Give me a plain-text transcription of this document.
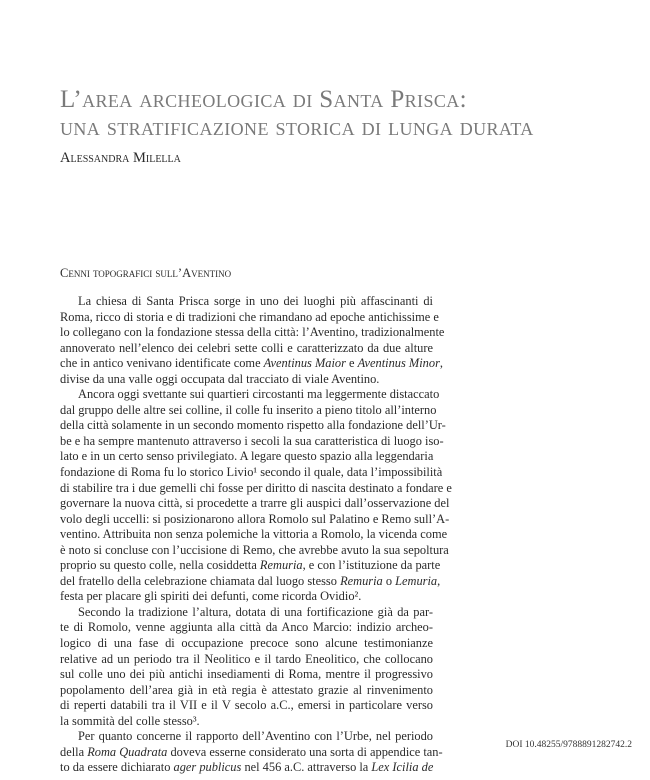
L’area archeologica di Santa Prisca:
una stratificazione storica di lunga durata
Alessandra Milella
Cenni topografici sull’Aventino
La chiesa di Santa Prisca sorge in uno dei luoghi più affascinanti di
Roma, ricco di storia e di tradizioni che rimandano ad epoche antichissime e
lo collegano con la fondazione stessa della città: l’Aventino, tradizionalmente
annoverato nell’elenco dei celebri sette colli e caratterizzato da due alture
che in antico venivano identificate come Aventinus Maior e Aventinus Minor,
divise da una valle oggi occupata dal tracciato di viale Aventino.
Ancora oggi svettante sui quartieri circostanti ma leggermente distaccato
dal gruppo delle altre sei colline, il colle fu inserito a pieno titolo all’interno
della città solamente in un secondo momento rispetto alla fondazione dell’Ur-
be e ha sempre mantenuto attraverso i secoli la sua caratteristica di luogo iso-
lato e in un certo senso privilegiato. A legare questo spazio alla leggendaria
fondazione di Roma fu lo storico Livio¹ secondo il quale, data l’impossibilità
di stabilire tra i due gemelli chi fosse per diritto di nascita destinato a fondare e
governare la nuova città, si procedette a trarre gli auspici dall’osservazione del
volo degli uccelli: si posizionarono allora Romolo sul Palatino e Remo sull’A-
ventino. Attribuita non senza polemiche la vittoria a Romolo, la vicenda come
è noto si concluse con l’uccisione di Remo, che avrebbe avuto la sua sepoltura
proprio su questo colle, nella cosiddetta Remuria, e con l’istituzione da parte
del fratello della celebrazione chiamata dal luogo stesso Remuria o Lemuria,
festa per placare gli spiriti dei defunti, come ricorda Ovidio².
Secondo la tradizione l’altura, dotata di una fortificazione già da par-
te di Romolo, venne aggiunta alla città da Anco Marcio: indizio archeo-
logico di una fase di occupazione precoce sono alcune testimonianze
relative ad un periodo tra il Neolitico e il tardo Eneolitico, che collocano
sul colle uno dei più antichi insediamenti di Roma, mentre il progressivo
popolamento dell’area già in età regia è attestato grazie al rinvenimento
di reperti databili tra il VII e il V secolo a.C., emersi in particolare verso
la sommità del colle stesso³.
Per quanto concerne il rapporto dell’Aventino con l’Urbe, nel periodo
della Roma Quadrata doveva esserne considerato una sorta di appendice tan-
to da essere dichiarato ager publicus nel 456 a.C. attraverso la Lex Icilia de
DOI 10.48255/9788891282742.2
